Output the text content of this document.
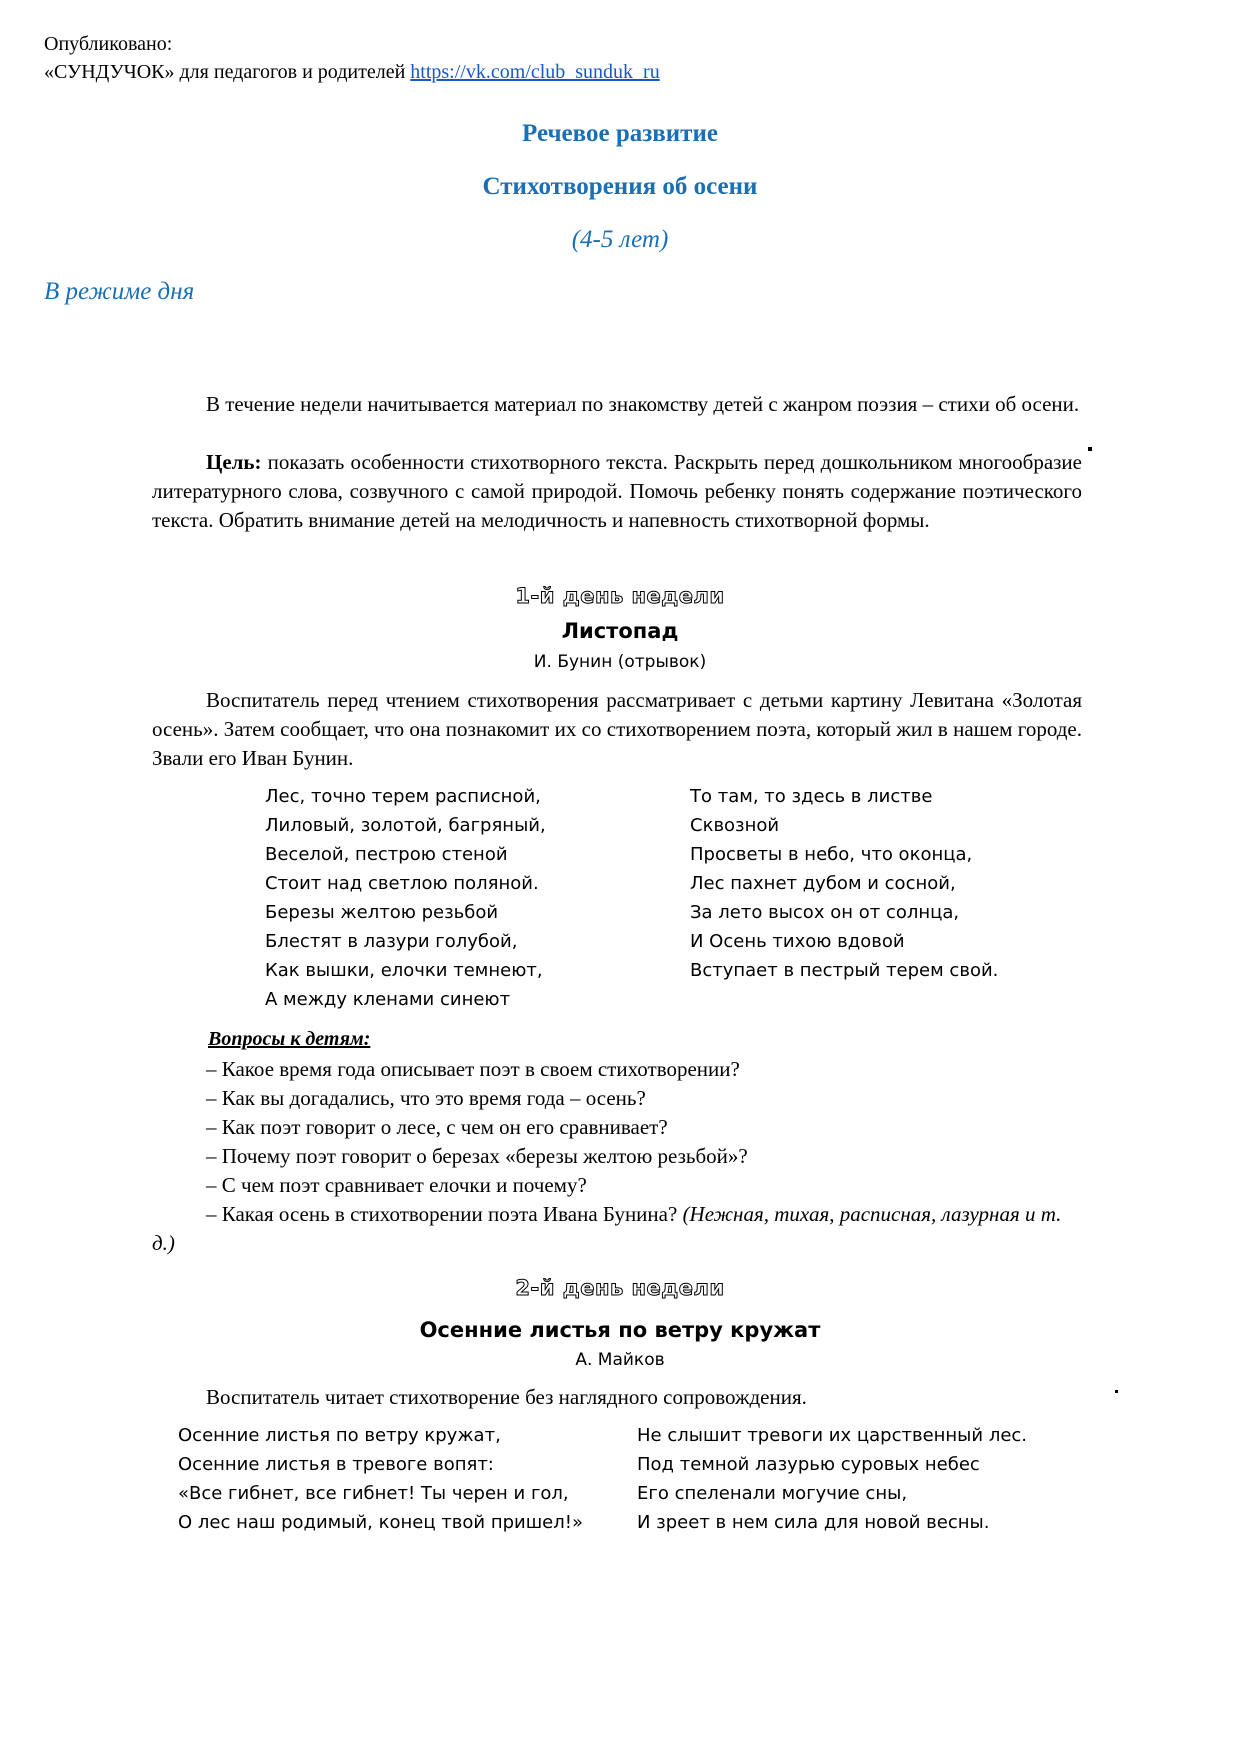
Опубликовано:
«СУНДУЧОК» для педагогов и родителей https://vk.com/club_sunduk_ru
Речевое развитие
Стихотворения об осени
(4-5 лет)
В режиме дня
В течение недели начитывается материал по знакомству детей с жанром поэзия – стихи об осени.
Цель: показать особенности стихотворного текста. Раскрыть перед дошкольником многообразие литературного слова, созвучного с самой природой. Помочь ребенку понять содержание поэтического текста. Обратить внимание детей на мелодичность и напевность стихотворной формы.
1-й день недели
Листопад
И. Бунин (отрывок)
Воспитатель перед чтением стихотворения рассматривает с детьми картину Левитана «Золотая осень». Затем сообщает, что она познакомит их со стихотворением поэта, который жил в нашем городе. Звали его Иван Бунин.
Лес, точно терем расписной,
Лиловый, золотой, багряный,
Веселой, пестрою стеной
Стоит над светлою поляной.
Березы желтою резьбой
Блестят в лазури голубой,
Как вышки, елочки темнеют,
А между кленами синеют
То там, то здесь в листве
Сквозной
Просветы в небо, что оконца,
Лес пахнет дубом и сосной,
За лето высох он от солнца,
И Осень тихою вдовой
Вступает в пестрый терем свой.
Вопросы к детям:
– Какое время года описывает поэт в своем стихотворении?
– Как вы догадались, что это время года – осень?
– Как поэт говорит о лесе, с чем он его сравнивает?
– Почему поэт говорит о березах «березы желтою резьбой»?
– С чем поэт сравнивает елочки и почему?
– Какая осень в стихотворении поэта Ивана Бунина? (Нежная, тихая, расписная, лазурная и т. д.)
2-й день недели
Осенние листья по ветру кружат
А. Майков
Воспитатель читает стихотворение без наглядного сопровождения.
Осенние листья по ветру кружат,
Осенние листья в тревоге вопят:
«Все гибнет, все гибнет! Ты черен и гол,
О лес наш родимый, конец твой пришел!»
Не слышит тревоги их царственный лес.
Под темной лазурью суровых небес
Его спеленали могучие сны,
И зреет в нем сила для новой весны.
